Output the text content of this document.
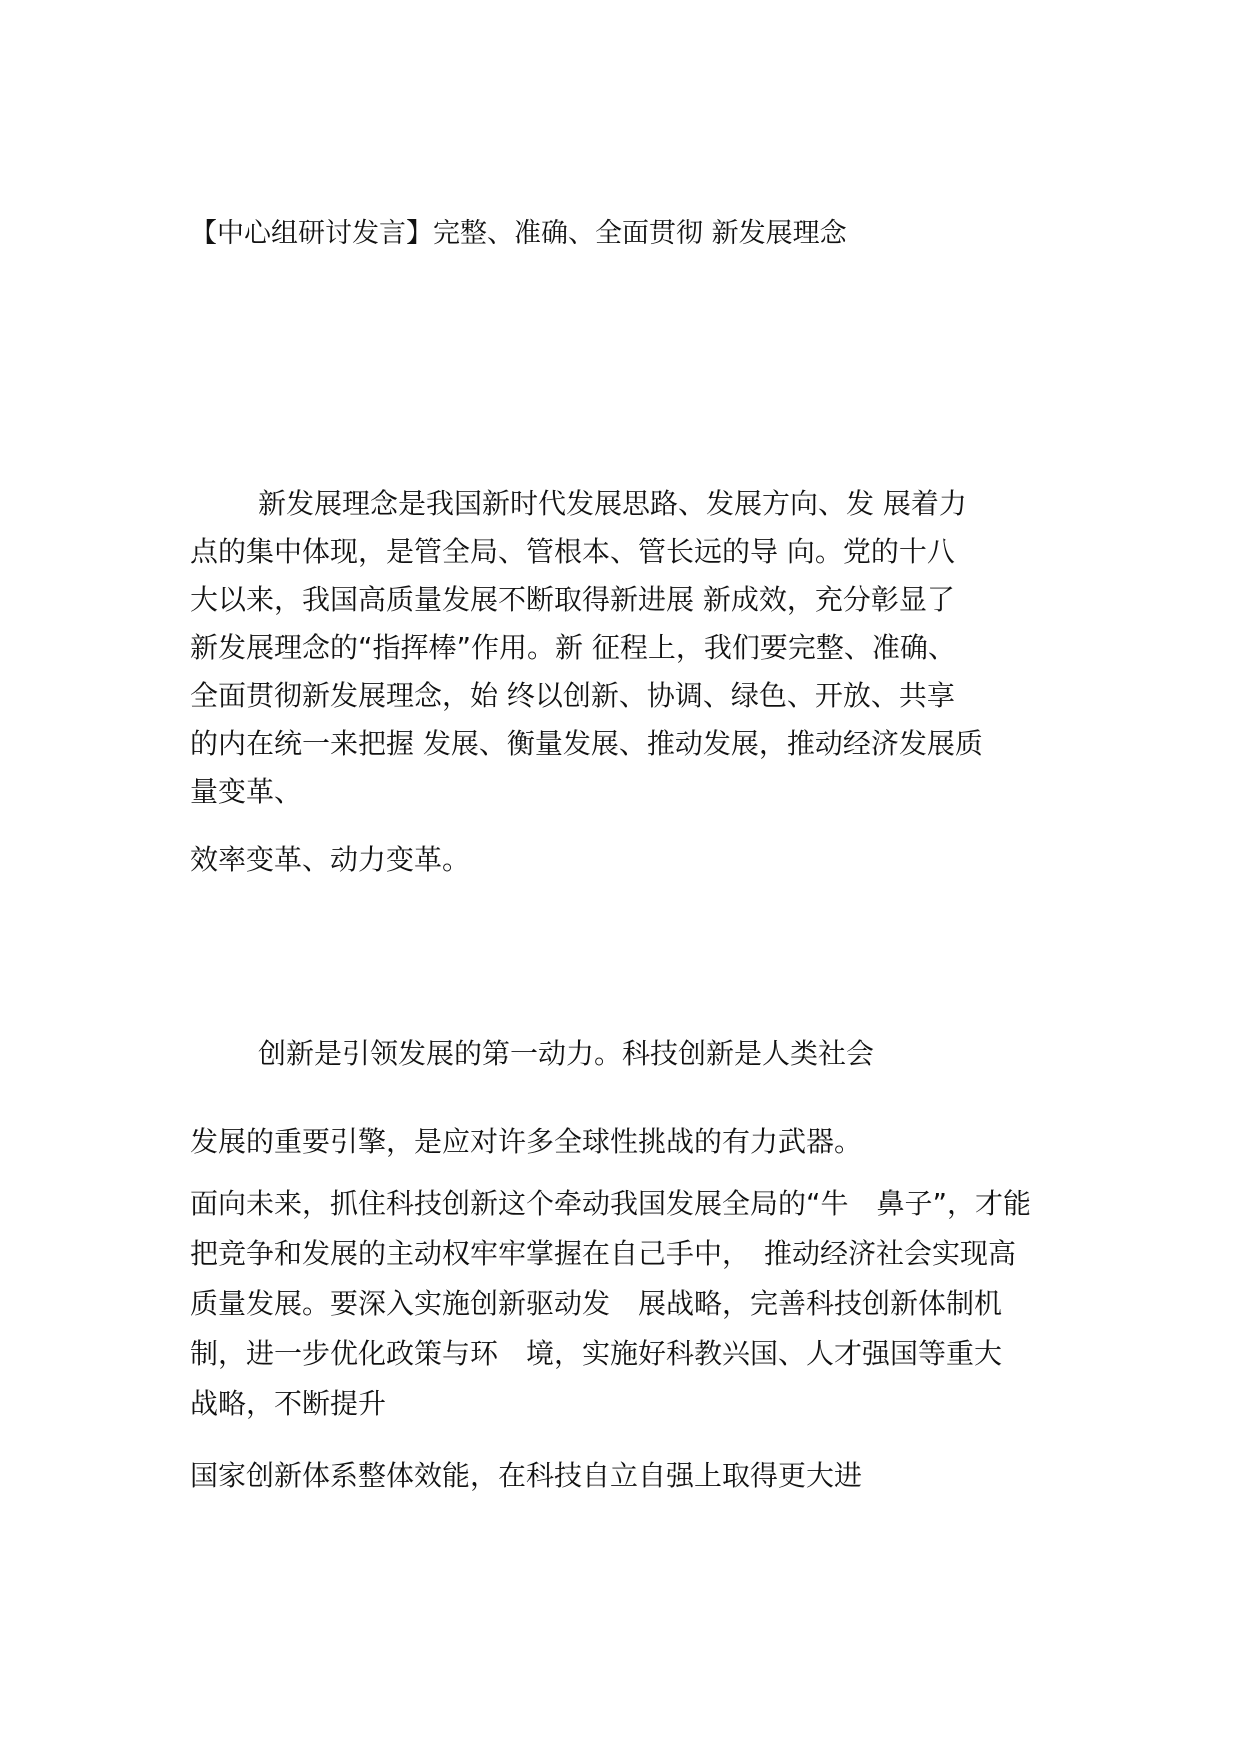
【中心组研讨发言】完整、准确、全面贯彻 新发展理念
新发展理念是我国新时代发展思路、发展方向、发 展着力
点的集中体现，是管全局、管根本、管长远的导 向。党的十八
大以来，我国高质量发展不断取得新进展 新成效，充分彰显了
新发展理念的“指挥棒”作用。新 征程上，我们要完整、准确、
全面贯彻新发展理念，始 终以创新、协调、绿色、开放、共享
的内在统一来把握 发展、衡量发展、推动发展，推动经济发展质
量变革、
效率变革、动力变革。
创新是引领发展的第一动力。科技创新是人类社会
发展的重要引擎，是应对许多全球性挑战的有力武器。
面向未来，抓住科技创新这个牵动我国发展全局的“牛　鼻子”，才能
把竞争和发展的主动权牢牢掌握在自己手中，　推动经济社会实现高
质量发展。要深入实施创新驱动发　展战略，完善科技创新体制机
制，进一步优化政策与环　境，实施好科教兴国、人才强国等重大
战略，不断提升
国家创新体系整体效能，在科技自立自强上取得更大进
